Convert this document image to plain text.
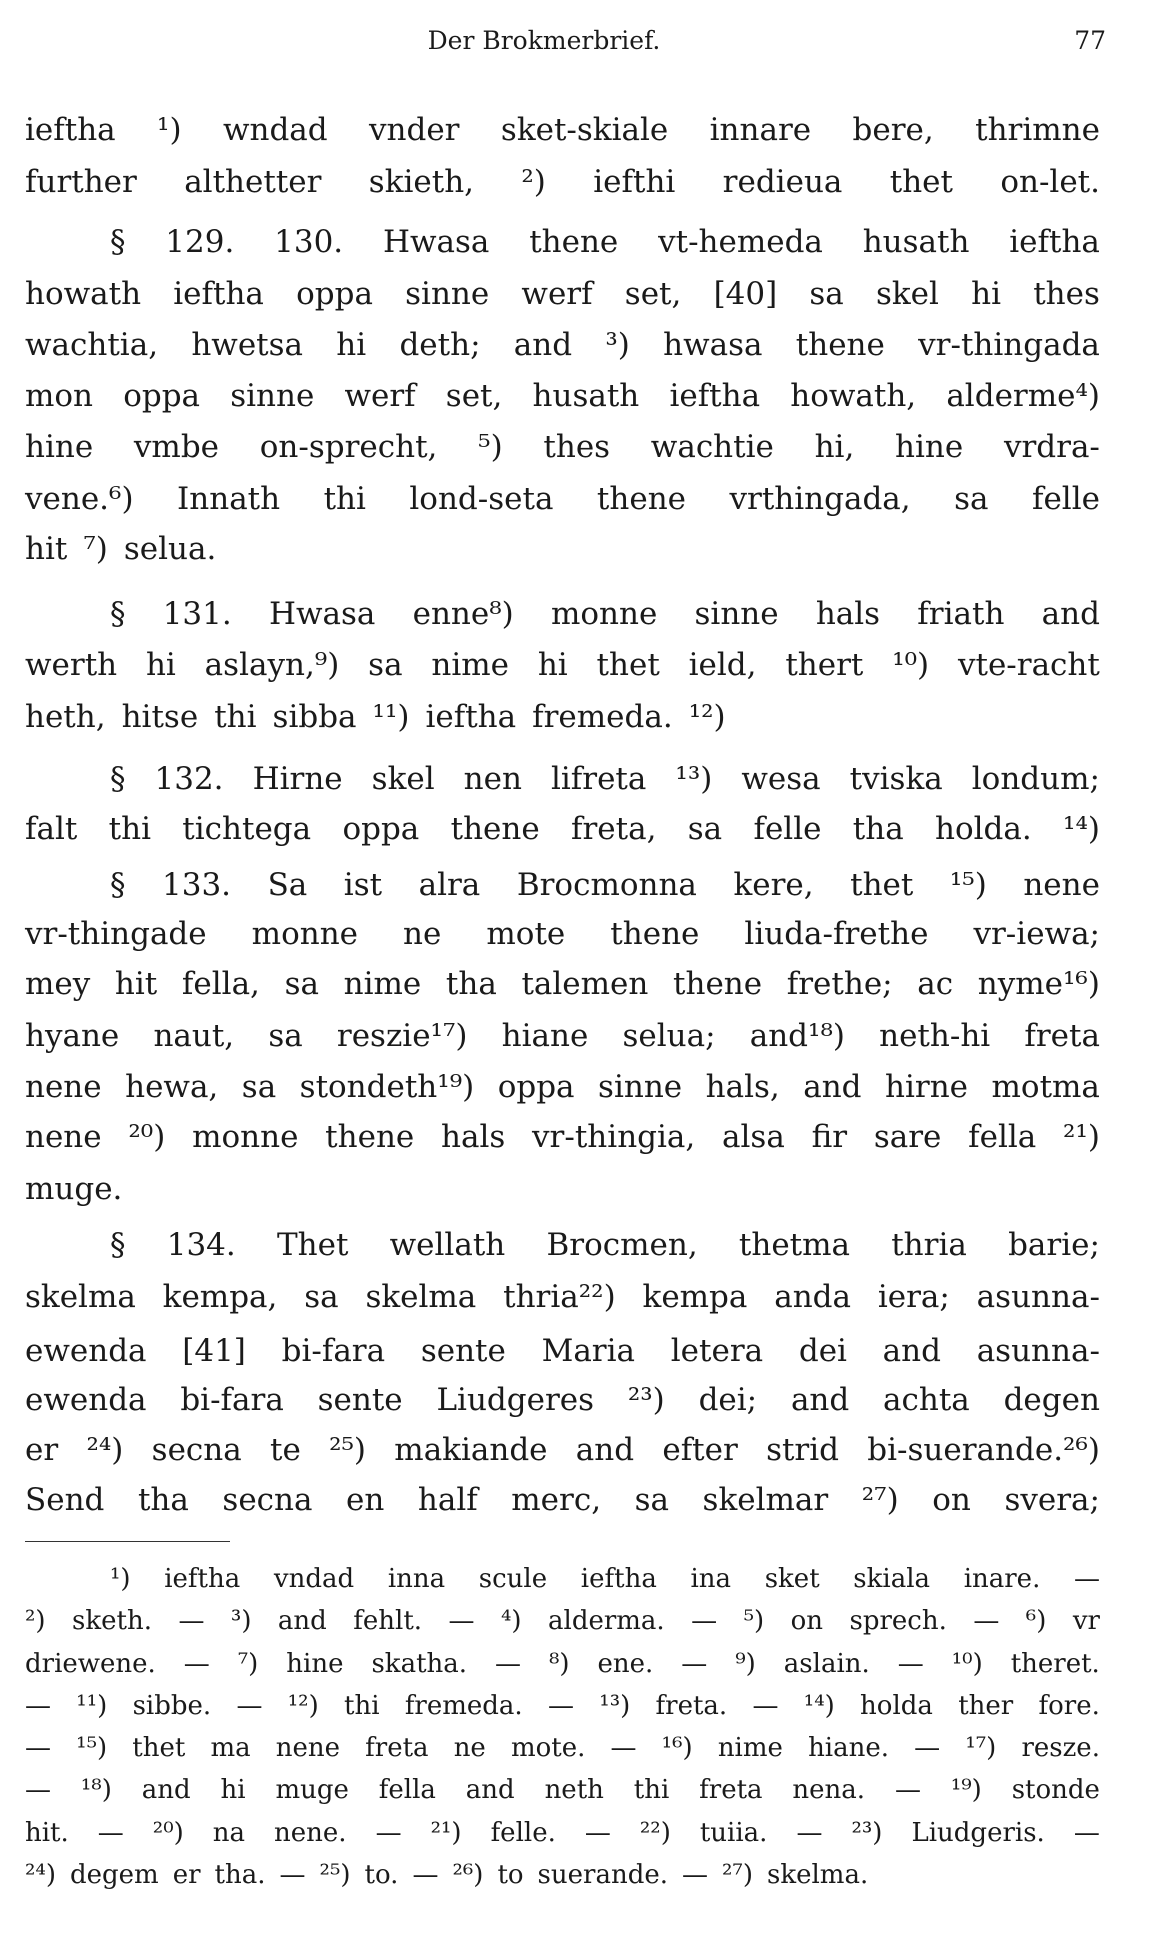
Der Brokmerbrief.	77
ieftha ¹) wndad vnder sket-skiale innare bere, thrimne
further althetter skieth, ²) iefthi redieua thet on-let.
§ 129. 130. Hwasa thene vt-hemeda husath ieftha
howath ieftha oppa sinne werf set, [40] sa skel hi thes
wachtia, hwetsa hi deth; and ³) hwasa thene vr-thingada
mon oppa sinne werf set, husath ieftha howath, alderme⁴)
hine vmbe on-sprecht, ⁵) thes wachtie hi, hine vrdra-
vene.⁶) Innath thi lond-seta thene vrthingada, sa felle
hit ⁷) selua.
§ 131. Hwasa enne⁸) monne sinne hals friath and
werth hi aslayn,⁹) sa nime hi thet ield, thert ¹⁰) vte-racht
heth, hitse thi sibba ¹¹) ieftha fremeda. ¹²)
§ 132. Hirne skel nen lifreta ¹³) wesa tviska londum;
falt thi tichtega oppa thene freta, sa felle tha holda. ¹⁴)
§ 133. Sa ist alra Brocmonna kere, thet ¹⁵) nene
vr-thingade monne ne mote thene liuda-frethe vr-iewa;
mey hit fella, sa nime tha talemen thene frethe; ac nyme¹⁶)
hyane naut, sa reszie¹⁷) hiane selua; and¹⁸) neth-hi freta
nene hewa, sa stondeth¹⁹) oppa sinne hals, and hirne motma
nene ²⁰) monne thene hals vr-thingia, alsa fir sare fella ²¹)
muge.
§ 134. Thet wellath Brocmen, thetma thria barie;
skelma kempa, sa skelma thria²²) kempa anda iera; asunna-
ewenda [41] bi-fara sente Maria letera dei and asunna-
ewenda bi-fara sente Liudgeres ²³) dei; and achta degen
er ²⁴) secna te ²⁵) makiande and efter strid bi-suerande.²⁶)
Send tha secna en half merc, sa skelmar ²⁷) on svera;
¹) ieftha vndad inna scule ieftha ina sket skiala inare. —
²) sketh. — ³) and fehlt. — ⁴) alderma. — ⁵) on sprech. — ⁶) vr
driewene. — ⁷) hine skatha. — ⁸) ene. — ⁹) aslain. — ¹⁰) theret.
— ¹¹) sibbe. — ¹²) thi fremeda. — ¹³) freta. — ¹⁴) holda ther fore.
— ¹⁵) thet ma nene freta ne mote. — ¹⁶) nime hiane. — ¹⁷) resze.
— ¹⁸) and hi muge fella and neth thi freta nena. — ¹⁹) stonde
hit. — ²⁰) na nene. — ²¹) felle. — ²²) tuiia. — ²³) Liudgeris. —
²⁴) degem er tha. — ²⁵) to. — ²⁶) to suerande. — ²⁷) skelma.
